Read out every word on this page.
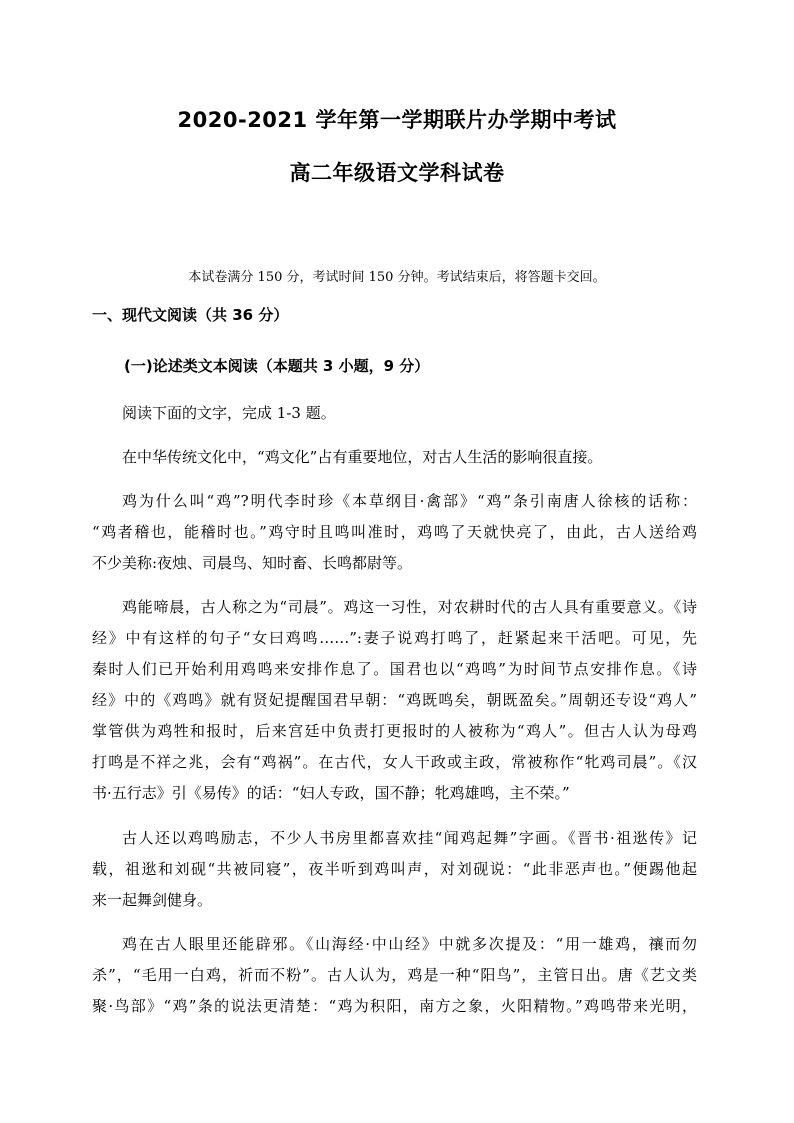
2020-2021 学年第一学期联片办学期中考试
高二年级语文学科试卷
本试卷满分 150 分，考试时间 150 分钟。考试结束后，将答题卡交回。
一、现代文阅读（共 36 分）
(一)论述类文本阅读（本题共 3 小题，9 分）
阅读下面的文字，完成 1-3 题。
在中华传统文化中，“鸡文化”占有重要地位，对古人生活的影响很直接。
鸡为什么叫“鸡”?明代李时珍《本草纲目·禽部》“鸡”条引南唐人徐核的话称：
“鸡者稽也，能稽时也。”鸡守时且鸣叫准时，鸡鸣了天就快亮了，由此，古人送给鸡
不少美称:夜烛、司晨鸟、知时畜、长鸣都尉等。
鸡能啼晨，古人称之为“司晨”。鸡这一习性，对农耕时代的古人具有重要意义。《诗
经》中有这样的句子“女曰鸡鸣……”:妻子说鸡打鸣了，赶紧起来干活吧。可见，先
秦时人们已开始利用鸡鸣来安排作息了。国君也以“鸡鸣”为时间节点安排作息。《诗
经》中的《鸡鸣》就有贤妃提醒国君早朝：“鸡既鸣矣，朝既盈矣。”周朝还专设“鸡人”
掌管供为鸡牲和报时，后来宫廷中负责打更报时的人被称为“鸡人”。但古人认为母鸡
打鸣是不祥之兆，会有“鸡祸”。在古代，女人干政或主政，常被称作“牝鸡司晨”。《汉
书·五行志》引《易传》的话：“妇人专政，国不静；牝鸡雄鸣，主不荣。”
古人还以鸡鸣励志，不少人书房里都喜欢挂“闻鸡起舞”字画。《晋书·祖逖传》记
载，祖逖和刘砚“共被同寝”，夜半听到鸡叫声，对刘砚说：“此非恶声也。”便踢他起
来一起舞剑健身。
鸡在古人眼里还能辟邪。《山海经·中山经》中就多次提及：“用一雄鸡，禳而勿
杀”，“毛用一白鸡，祈而不粉”。古人认为，鸡是一种“阳鸟”，主管日出。唐《艺文类
聚·鸟部》“鸡”条的说法更清楚：“鸡为积阳，南方之象，火阳精物。”鸡鸣带来光明，
